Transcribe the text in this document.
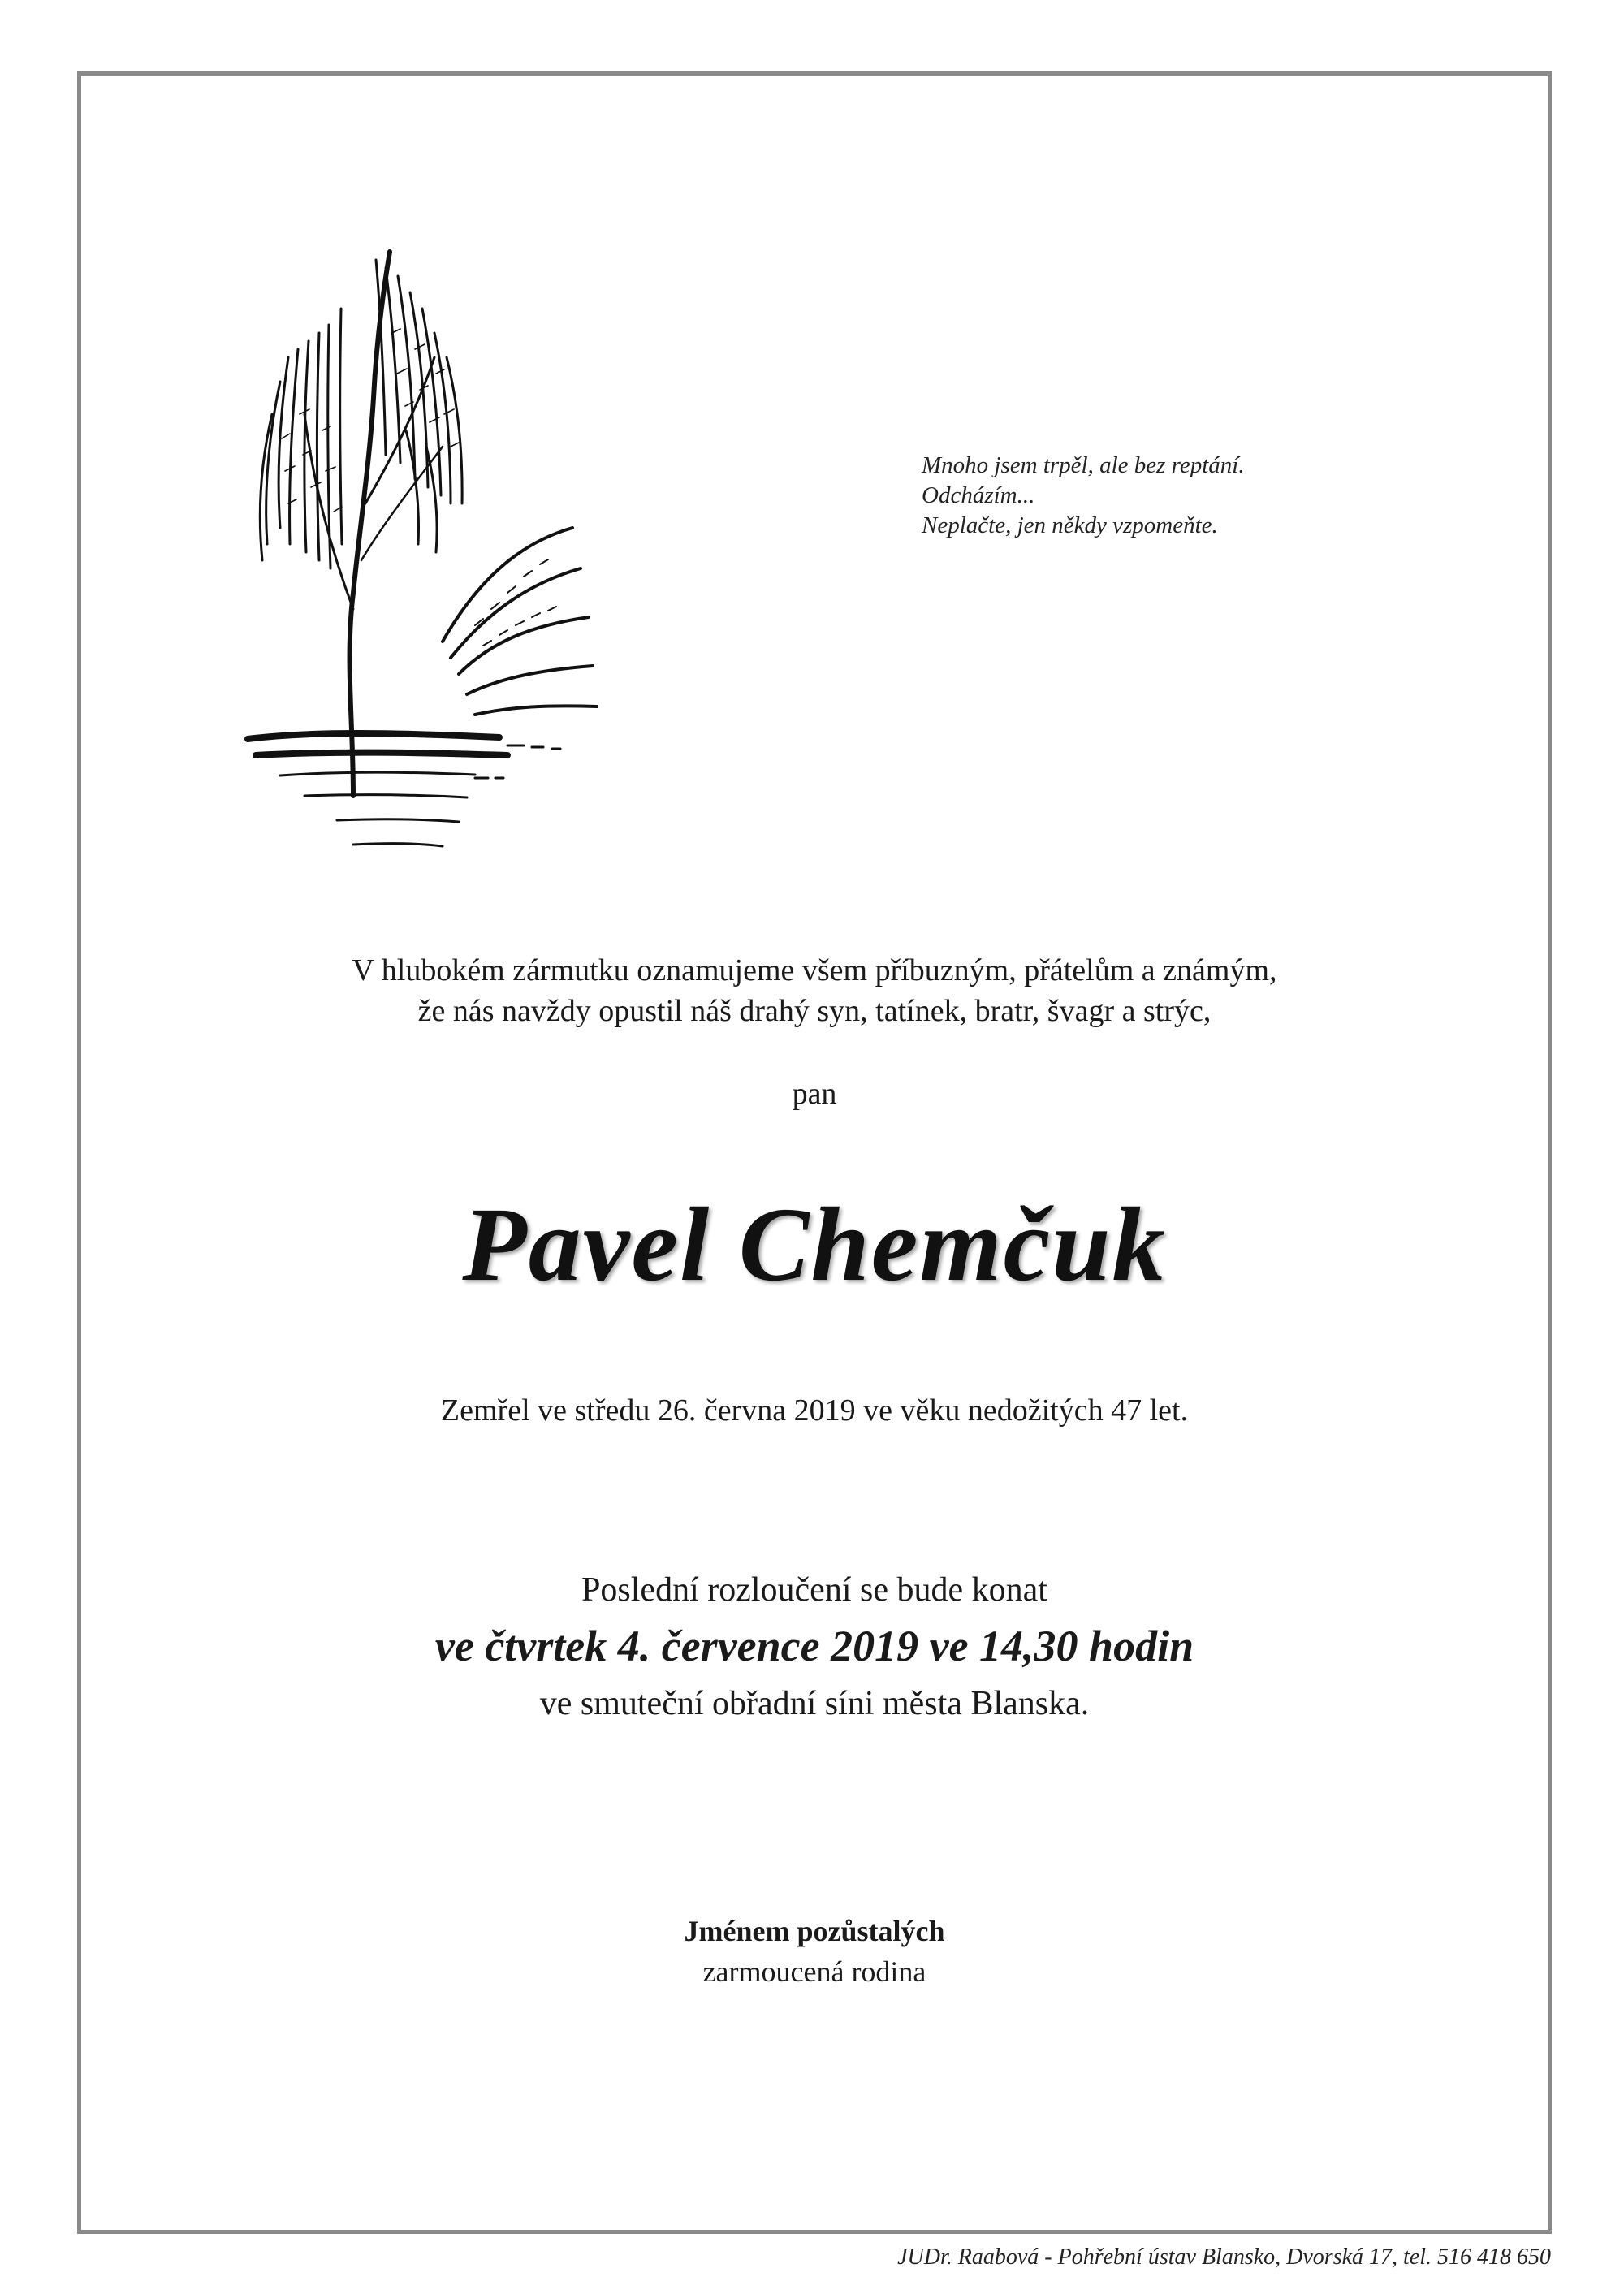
Mnoho jsem trpěl, ale bez reptání.
Odcházím...
Neplačte, jen někdy vzpomeňte.
V hlubokém zármutku oznamujeme všem příbuzným, přátelům a známým,
že nás navždy opustil náš drahý syn, tatínek, bratr, švagr a strýc,
pan
Pavel Chemčuk
Zemřel ve středu 26. června 2019 ve věku nedožitých 47 let.
Poslední rozloučení se bude konat
ve čtvrtek 4. července 2019 ve 14,30 hodin
ve smuteční obřadní síni města Blanska.
Jménem pozůstalých
zarmoucená rodina
JUDr. Raabová - Pohřební ústav Blansko, Dvorská 17, tel. 516 418 650
